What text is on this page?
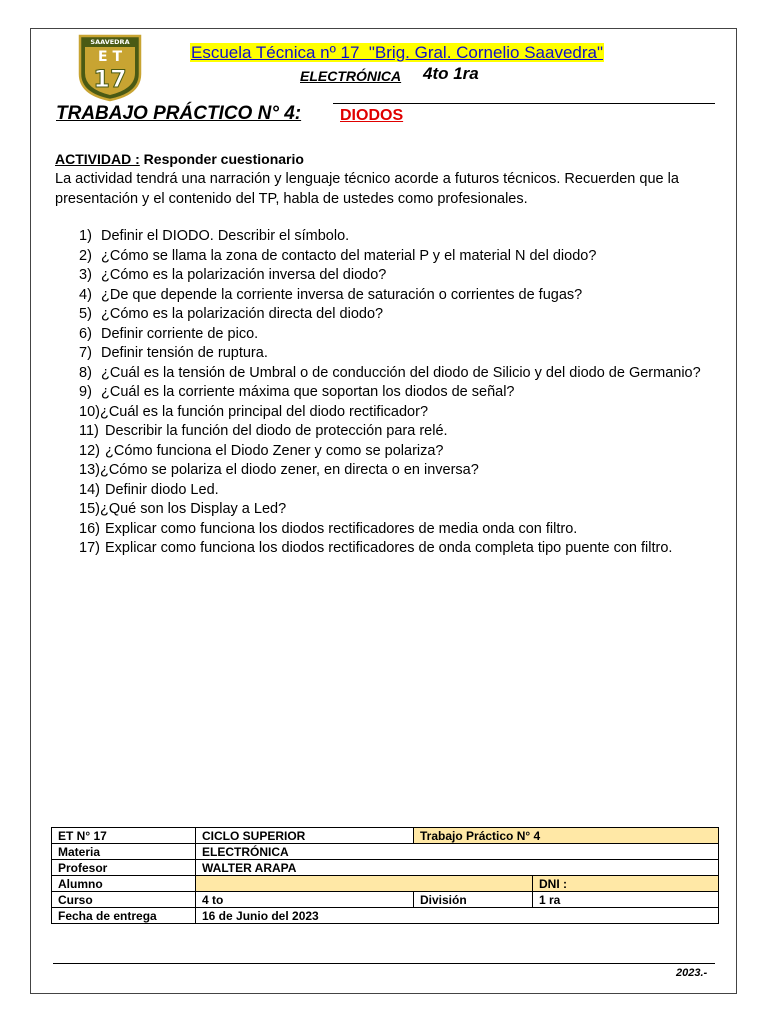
SAAVEDRA
E T
17
Escuela Técnica nº 17  "Brig. Gral. Cornelio Saavedra"
ELECTRÓNICA 4to 1ra
TRABAJO PRÁCTICO N° 4:	DIODOS
ACTIVIDAD : Responder cuestionario
La actividad tendrá una narración y lenguaje técnico acorde a futuros técnicos. Recuerden que la presentación y el contenido del TP, habla de ustedes como profesionales.
1) Definir el DIODO. Describir el símbolo.
2) ¿Cómo se llama la zona de contacto del material P y el material N del diodo?
3) ¿Cómo es la polarización inversa del diodo?
4) ¿De que depende la corriente inversa de saturación o corrientes de fugas?
5) ¿Cómo es la polarización directa del diodo?
6) Definir corriente de pico.
7) Definir tensión de ruptura.
8) ¿Cuál es la tensión de Umbral o de conducción del diodo de Silicio y del diodo de Germanio?
9) ¿Cuál es la corriente máxima que soportan los diodos de señal?
10) ¿Cuál es la función principal del diodo rectificador?
11) Describir la función del diodo de protección para relé.
12) ¿Cómo funciona el Diodo Zener y como se polariza?
13) ¿Cómo se polariza el diodo zener, en directa o en inversa?
14) Definir diodo Led.
15) ¿Qué son los Display a Led?
16) Explicar como funciona los diodos rectificadores de media onda con filtro.
17) Explicar como funciona los diodos rectificadores de onda completa tipo puente con filtro.
ET N° 17	CICLO SUPERIOR	Trabajo Práctico N° 4	
Materia	ELECTRÓNICA		
Profesor	WALTER ARAPA		
Alumno			DNI :
Curso	4 to	División	1 ra
Fecha de entrega	16 de Junio del 2023		
2023.-
